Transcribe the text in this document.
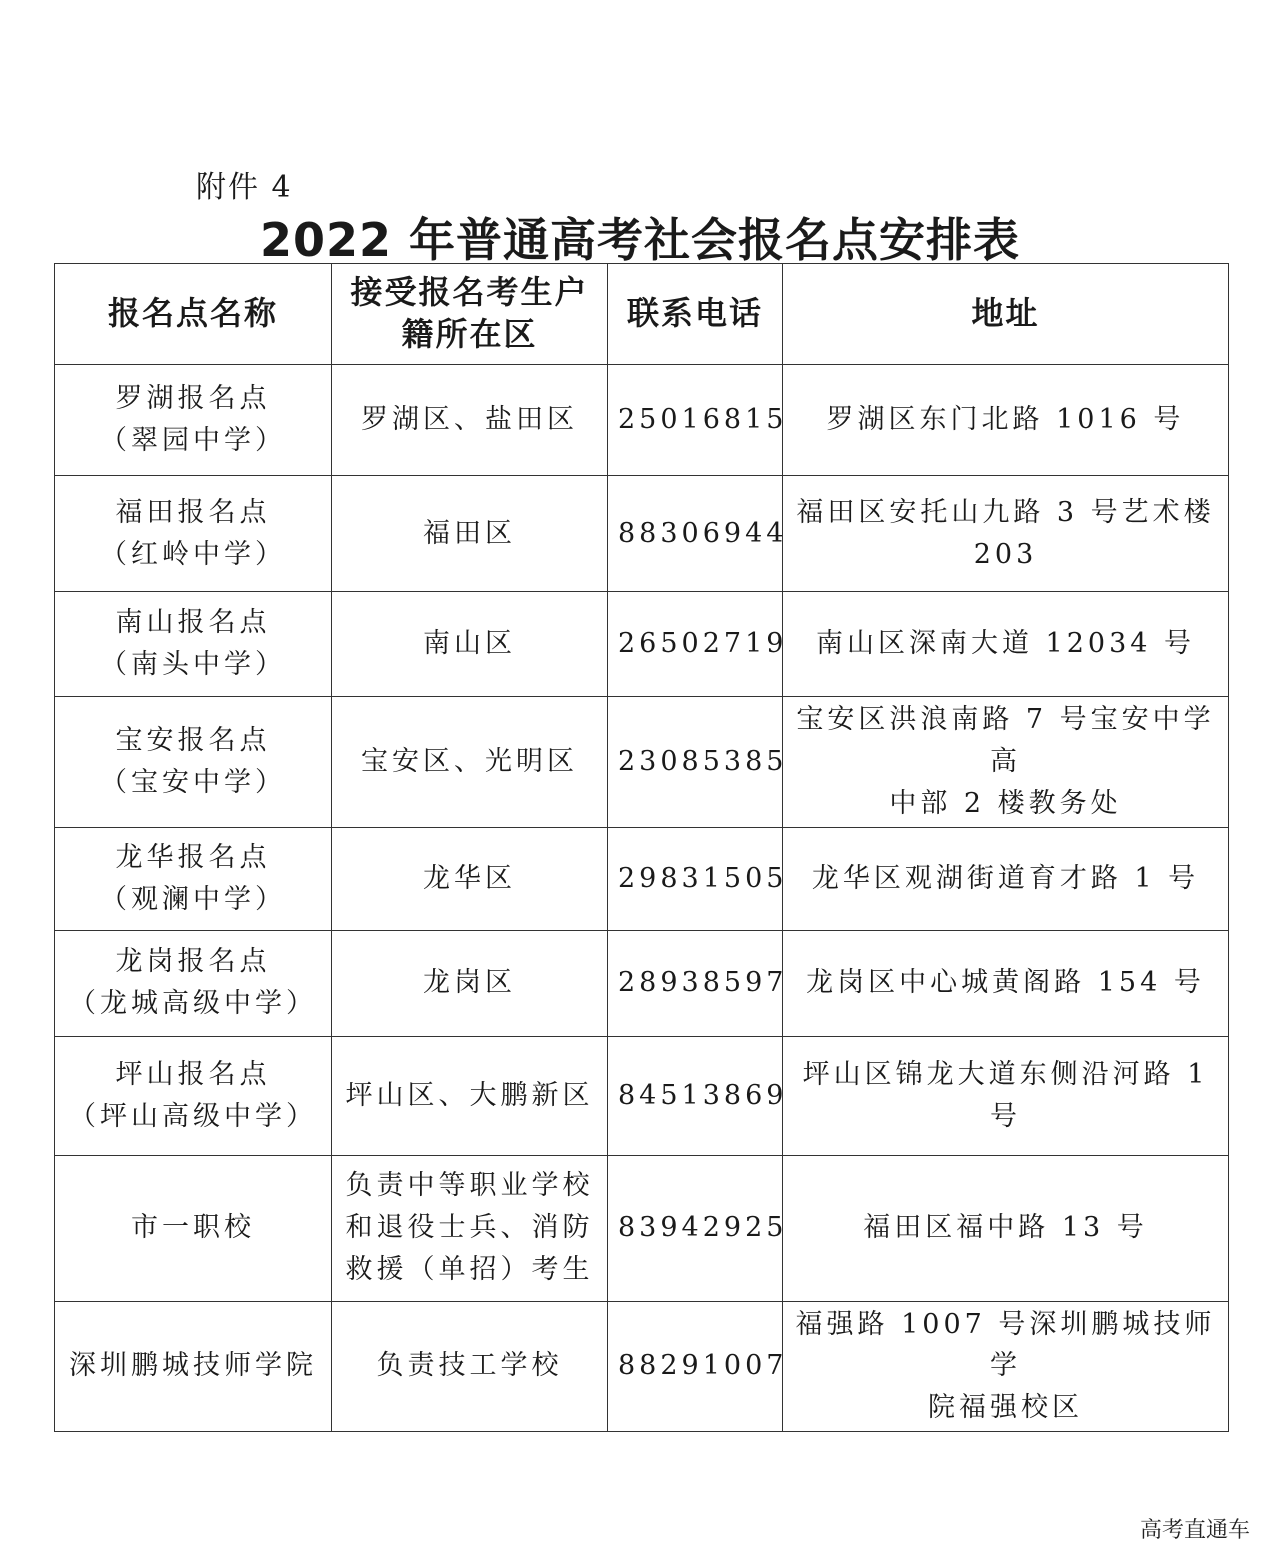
附件 4
2022 年普通高考社会报名点安排表
报名点名称	接受报名考生户籍所在区	联系电话	地址

罗湖报名点
（翠园中学）	罗湖区、盐田区	25016815	罗湖区东门北路 1016 号

福田报名点
（红岭中学）	福田区	88306944	福田区安托山九路 3 号艺术楼
203

南山报名点
（南头中学）	南山区	26502719	南山区深南大道 12034 号

宝安报名点
（宝安中学）	宝安区、光明区	23085385	宝安区洪浪南路 7 号宝安中学高
中部 2 楼教务处

龙华报名点
（观澜中学）	龙华区	29831505	龙华区观湖街道育才路 1 号

龙岗报名点
（龙城高级中学）	龙岗区	28938597	龙岗区中心城黄阁路 154 号

坪山报名点
（坪山高级中学）	坪山区、大鹏新区	84513869	坪山区锦龙大道东侧沿河路 1 号

市一职校	负责中等职业学校
和退役士兵、消防
救援（单招）考生	83942925	福田区福中路 13 号

深圳鹏城技师学院	负责技工学校	88291007	福强路 1007 号深圳鹏城技师学
院福强校区
高考直通车
